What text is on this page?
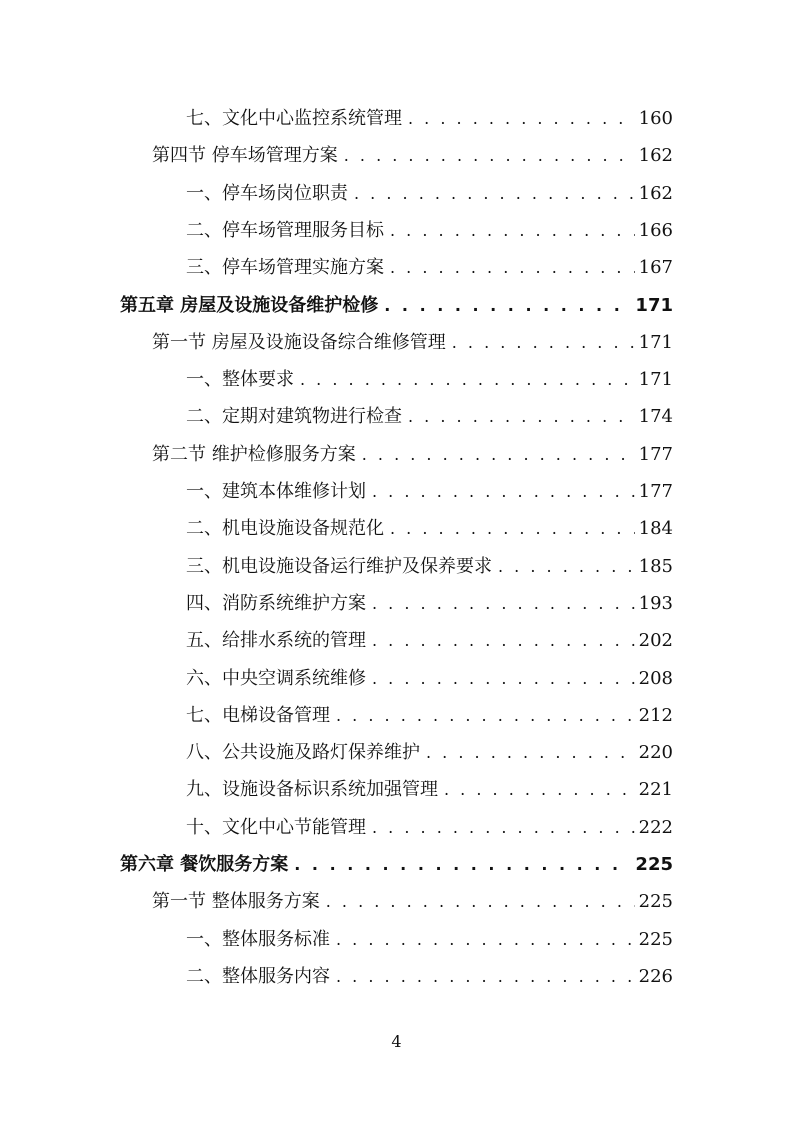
七、文化中心监控系统管理 . . .	160
第四节 停车场管理方案 . . .	162
一、停车场岗位职责 . . .	162
二、停车场管理服务目标 . . .	166
三、停车场管理实施方案 . . .	167
第五章 房屋及设施设备维护检修 . . .	171
第一节 房屋及设施设备综合维修管理 . . .	171
一、整体要求 . . .	171
二、定期对建筑物进行检查 . . .	174
第二节 维护检修服务方案 . . .	177
一、建筑本体维修计划 . . .	177
二、机电设施设备规范化 . . .	184
三、机电设施设备运行维护及保养要求 . . .	185
四、消防系统维护方案 . . .	193
五、给排水系统的管理 . . .	202
六、中央空调系统维修 . . .	208
七、电梯设备管理 . . .	212
八、公共设施及路灯保养维护 . . .	220
九、设施设备标识系统加强管理 . . .	221
十、文化中心节能管理 . . .	222
第六章 餐饮服务方案 . . .	225
第一节 整体服务方案 . . .	225
一、整体服务标准 . . .	225
二、整体服务内容 . . .	226
4
